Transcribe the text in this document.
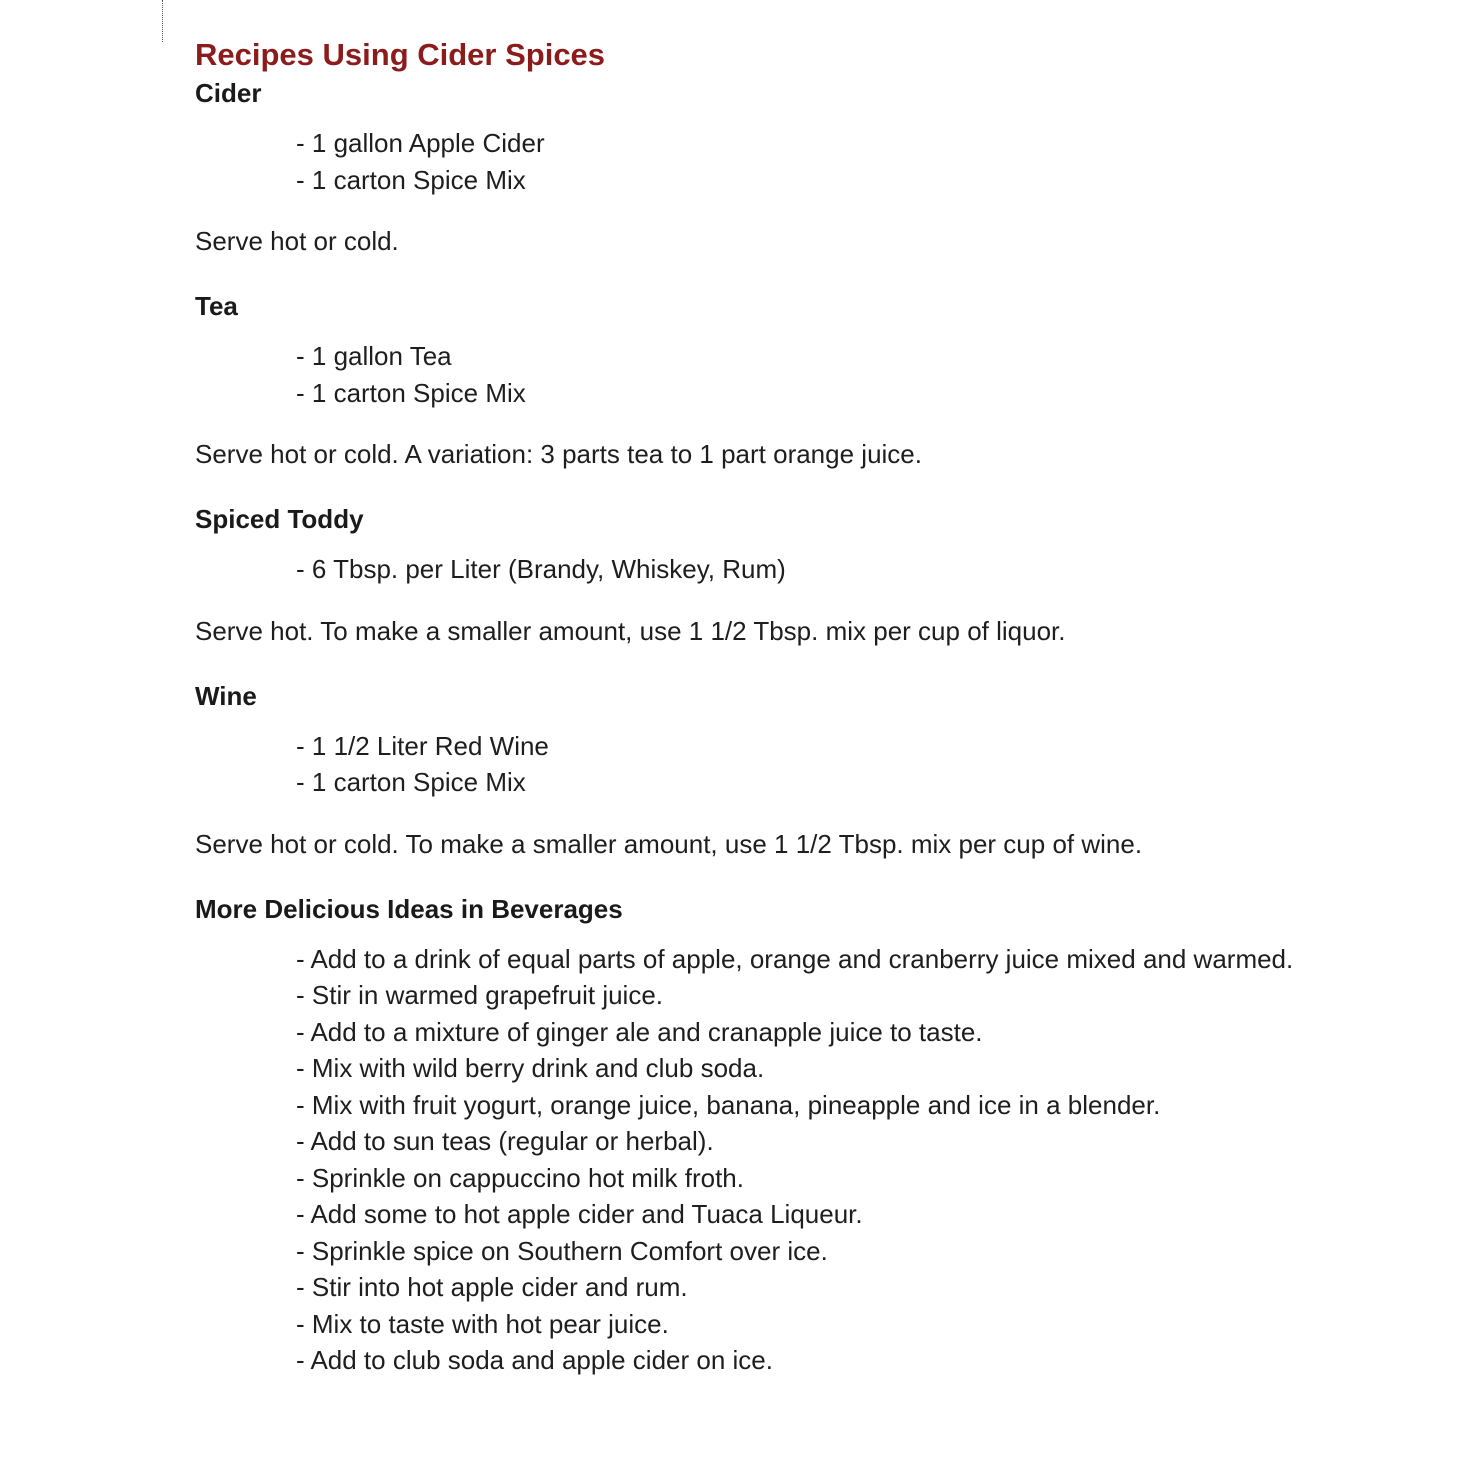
Recipes Using Cider Spices
Cider
- 1 gallon Apple Cider
- 1 carton Spice Mix

Serve hot or cold.

Tea
- 1 gallon Tea
- 1 carton Spice Mix

Serve hot or cold. A variation: 3 parts tea to 1 part orange juice.

Spiced Toddy
- 6 Tbsp. per Liter (Brandy, Whiskey, Rum)

Serve hot. To make a smaller amount, use 1 1/2 Tbsp. mix per cup of liquor.

Wine
- 1 1/2 Liter Red Wine
- 1 carton Spice Mix

Serve hot or cold. To make a smaller amount, use 1 1/2 Tbsp. mix per cup of wine.

More Delicious Ideas in Beverages
- Add to a drink of equal parts of apple, orange and cranberry juice mixed and warmed.
- Stir in warmed grapefruit juice.
- Add to a mixture of ginger ale and cranapple juice to taste.
- Mix with wild berry drink and club soda.
- Mix with fruit yogurt, orange juice, banana, pineapple and ice in a blender.
- Add to sun teas (regular or herbal).
- Sprinkle on cappuccino hot milk froth.
- Add some to hot apple cider and Tuaca Liqueur.
- Sprinkle spice on Southern Comfort over ice.
- Stir into hot apple cider and rum.
- Mix to taste with hot pear juice.
- Add to club soda and apple cider on ice.
